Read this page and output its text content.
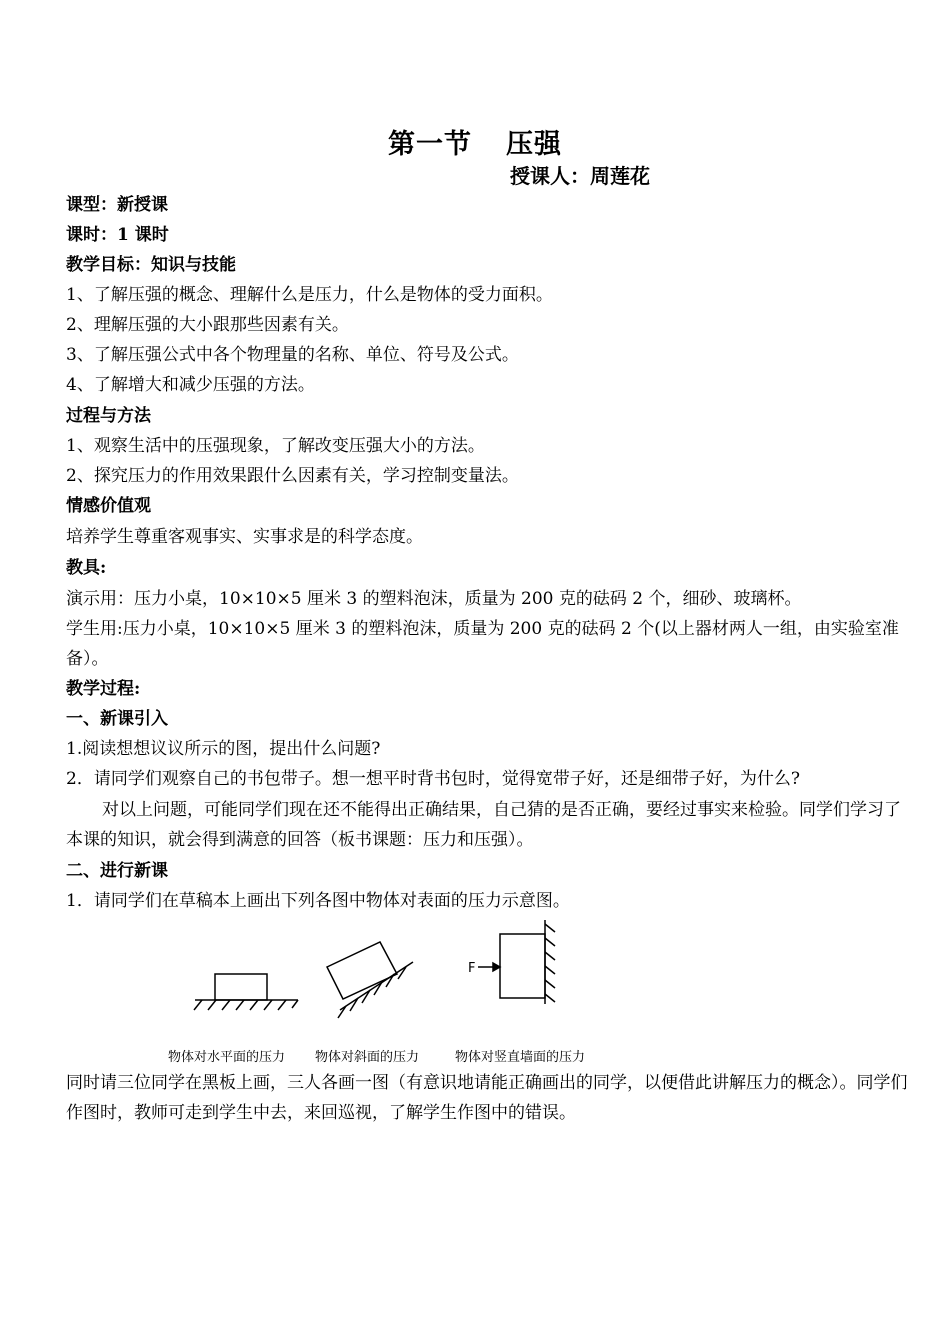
第一节 压强
授课人：周莲花
课型：新授课
课时：1 课时
教学目标：知识与技能
1、了解压强的概念、理解什么是压力，什么是物体的受力面积。
2、理解压强的大小跟那些因素有关。
3、了解压强公式中各个物理量的名称、单位、符号及公式。
4、了解增大和减少压强的方法。
过程与方法
1、观察生活中的压强现象，了解改变压强大小的方法。
2、探究压力的作用效果跟什么因素有关，学习控制变量法。
情感价值观
培养学生尊重客观事实、实事求是的科学态度。
教具:
演示用：压力小桌，10×10×5 厘米 3 的塑料泡沫，质量为 200 克的砝码 2 个，细砂、玻璃杯。
学生用:压力小桌，10×10×5 厘米 3 的塑料泡沫，质量为 200 克的砝码 2 个(以上器材两人一组，由实验室准备）。
教学过程:
一、新课引入
1.阅读想想议议所示的图，提出什么问题?
2．请同学们观察自己的书包带子。想一想平时背书包时，觉得宽带子好，还是细带子好，为什么?
对以上问题，可能同学们现在还不能得出正确结果，自己猜的是否正确，要经过事实来检验。同学们学习了本课的知识，就会得到满意的回答（板书课题：压力和压强）。
二、进行新课
1．请同学们在草稿本上画出下列各图中物体对表面的压力示意图。
F
物体对水平面的压力 物体对斜面的压力	物体对竖直墙面的压力
同时请三位同学在黑板上画，三人各画一图（有意识地请能正确画出的同学，以便借此讲解压力的概念）。同学们作图时，教师可走到学生中去，来回巡视，了解学生作图中的错误。
